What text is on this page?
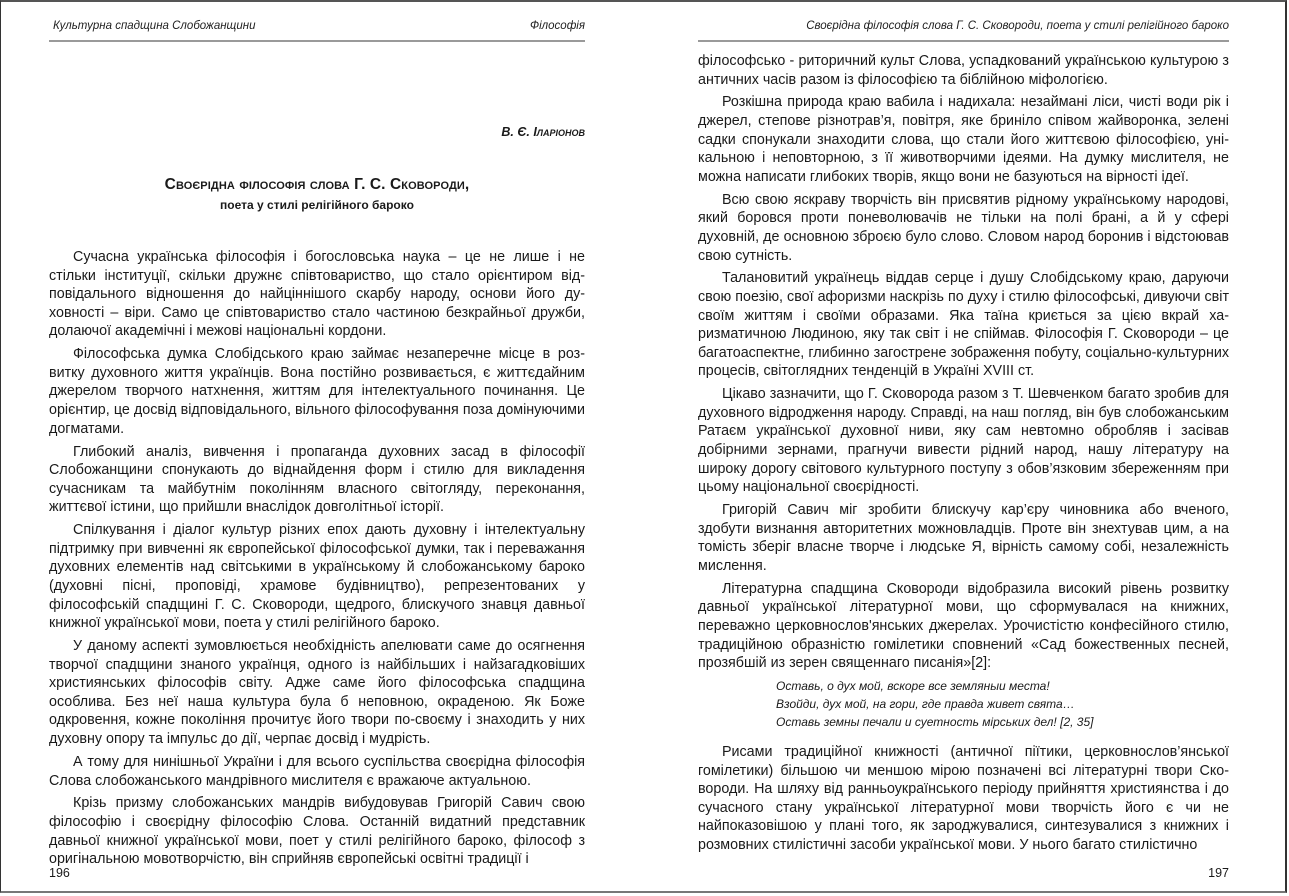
Культурна спадщина Слобожанщини	Філософія
В. Є. Іларіонов
Своєрідна філософія слова Г. С. Сковороди,
поета у стилі релігійного бароко

Сучасна українська філософія і богословська наука – це не лише і не стільки інституції, скільки дружнє співтовариство, що стало орієнтиром відповідального відношення до найціннішого скарбу народу, основи його духовності – віри. Само це співтовариство стало частиною безкрайньої дружби, долаючої академічні і межові національні кордони.

Філософська думка Слобідського краю займає незаперечне місце в розвитку духовного життя українців. Вона постійно розвивається, є життєдайним джерелом творчого натхнення, життям для інтелектуального починання. Це орієнтир, це досвід відповідального, вільного філософування поза домінуючими догматами.

Глибокий аналіз, вивчення і пропаганда духовних засад в філософії Слобожанщини спонукають до віднайдення форм і стилю для викладення сучасникам та майбутнім поколінням власного світогляду, переконання, життєвої істини, що прийшли внаслідок довголітньої історії.

Спілкування і діалог культур різних епох дають духовну і інтелектуальну підтримку при вивченні як європейської філософської думки, так і переважання духовних елементів над світськими в українському й слобожанському бароко (духовні пісні, проповіді, храмове будівництво), репрезентованих у філософській спадщині Г. С. Сковороди, щедрого, блискучого знавця давньої книжної української мови, поета у стилі релігійного бароко.

У даному аспекті зумовлюється необхідність апелювати саме до осягнення творчої спадщини знаного українця, одного із найбільших і найзагадковіших християнських філософів світу. Адже саме його філософська спадщина особлива. Без неї наша культура була б неповною, окраденою. Як Боже одкровення, кожне покоління прочитує його твори по-своєму і знаходить у них духовну опору та імпульс до дії, черпає досвід і мудрість.

А тому для нинішньої України і для всього суспільства своєрідна філософія Слова слобожанського мандрівного мислителя є вражаюче актуальною.

Крізь призму слобожанських мандрів вибудовував Григорій Савич свою філософію і своєрідну філософію Слова. Останній видатний представник давньої книжної української мови, поет у стилі релігійного бароко, філософ з оригінальною мовотворчістю, він сприйняв європейські освітні традиції і

196
Своєрідна філософія слова Г. С. Сковороди, поета у стилі релігійного бароко

філософсько - риторичний культ Слова, успадкований українською культурою з античних часів разом із філософією та біблійною міфологією.

Розкішна природа краю вабила і надихала: незаймані ліси, чисті води рік і джерел, степове різнотрав’я, повітря, яке бриніло співом жайворонка, зелені садки спонукали знаходити слова, що стали його життєвою філософією, унікальною і неповторною, з її животворчими ідеями. На думку мислителя, не можна написати глибоких творів, якщо вони не базуються на вірності ідеї.

Всю свою яскраву творчість він присвятив рідному українському народові, який боровся проти поневолювачів не тільки на полі брані, а й у сфері духовній, де основною зброєю було слово. Словом народ боронив і відстоював свою сутність.

Талановитий українець віддав серце і душу Слобідському краю, даруючи свою поезію, свої афоризми наскрізь по духу і стилю філософські, дивуючи світ своїм життям і своїми образами. Яка таїна криється за цією вкрай харизматичною Людиною, яку так світ і не спіймав. Філософія Г. Сковороди – це багатоаспектне, глибинно загострене зображення побуту, соціально-культурних процесів, світоглядних тенденцій в Україні XVIII ст.

Цікаво зазначити, що Г. Сковорода разом з Т. Шевченком багато зробив для духовного відродження народу. Справді, на наш погляд, він був слобожанським Ратаєм української духовної ниви, яку сам невтомно обробляв і засівав добірними зернами, прагнучи вивести рідний народ, нашу літературу на широку дорогу світового культурного поступу з обов’язковим збереженням при цьому національної своєрідності.

Григорій Савич міг зробити блискучу кар’єру чиновника або вченого, здобути визнання авторитетних можновладців. Проте він знехтував цим, а на томість зберіг власне творче і людське Я, вірність самому собі, незалежність мислення.

Літературна спадщина Сковороди відобразила високий рівень розвитку давньої української літературної мови, що сформувалася на книжних, переважно церковнослов'янських джерелах. Урочистістю конфесійного стилю, традиційною образністю гомілетики сповнений «Сад божественных песней, прозябшій из зерен священнаго писанія»[2]:

Оставь, о дух мой, вскоре все земляныи места!
Взойди, дух мой, на гори, где правда живет свята…
Оставь земны печали и суетность мірських дел! [2, 35]

Рисами традиційної книжності (античної піїтики, церковнослов’янської гомілетики) більшою чи меншою мірою позначені всі літературні твори Сковороди. На шляху від ранньоукраїнського періоду прийняття християнства і до сучасного стану української літературної мови творчість його є чи не найпоказовішою у плані того, як зароджувалися, синтезувалися з книжних і розмовних стилістичні засоби української мови. У нього багато стилістично

197
